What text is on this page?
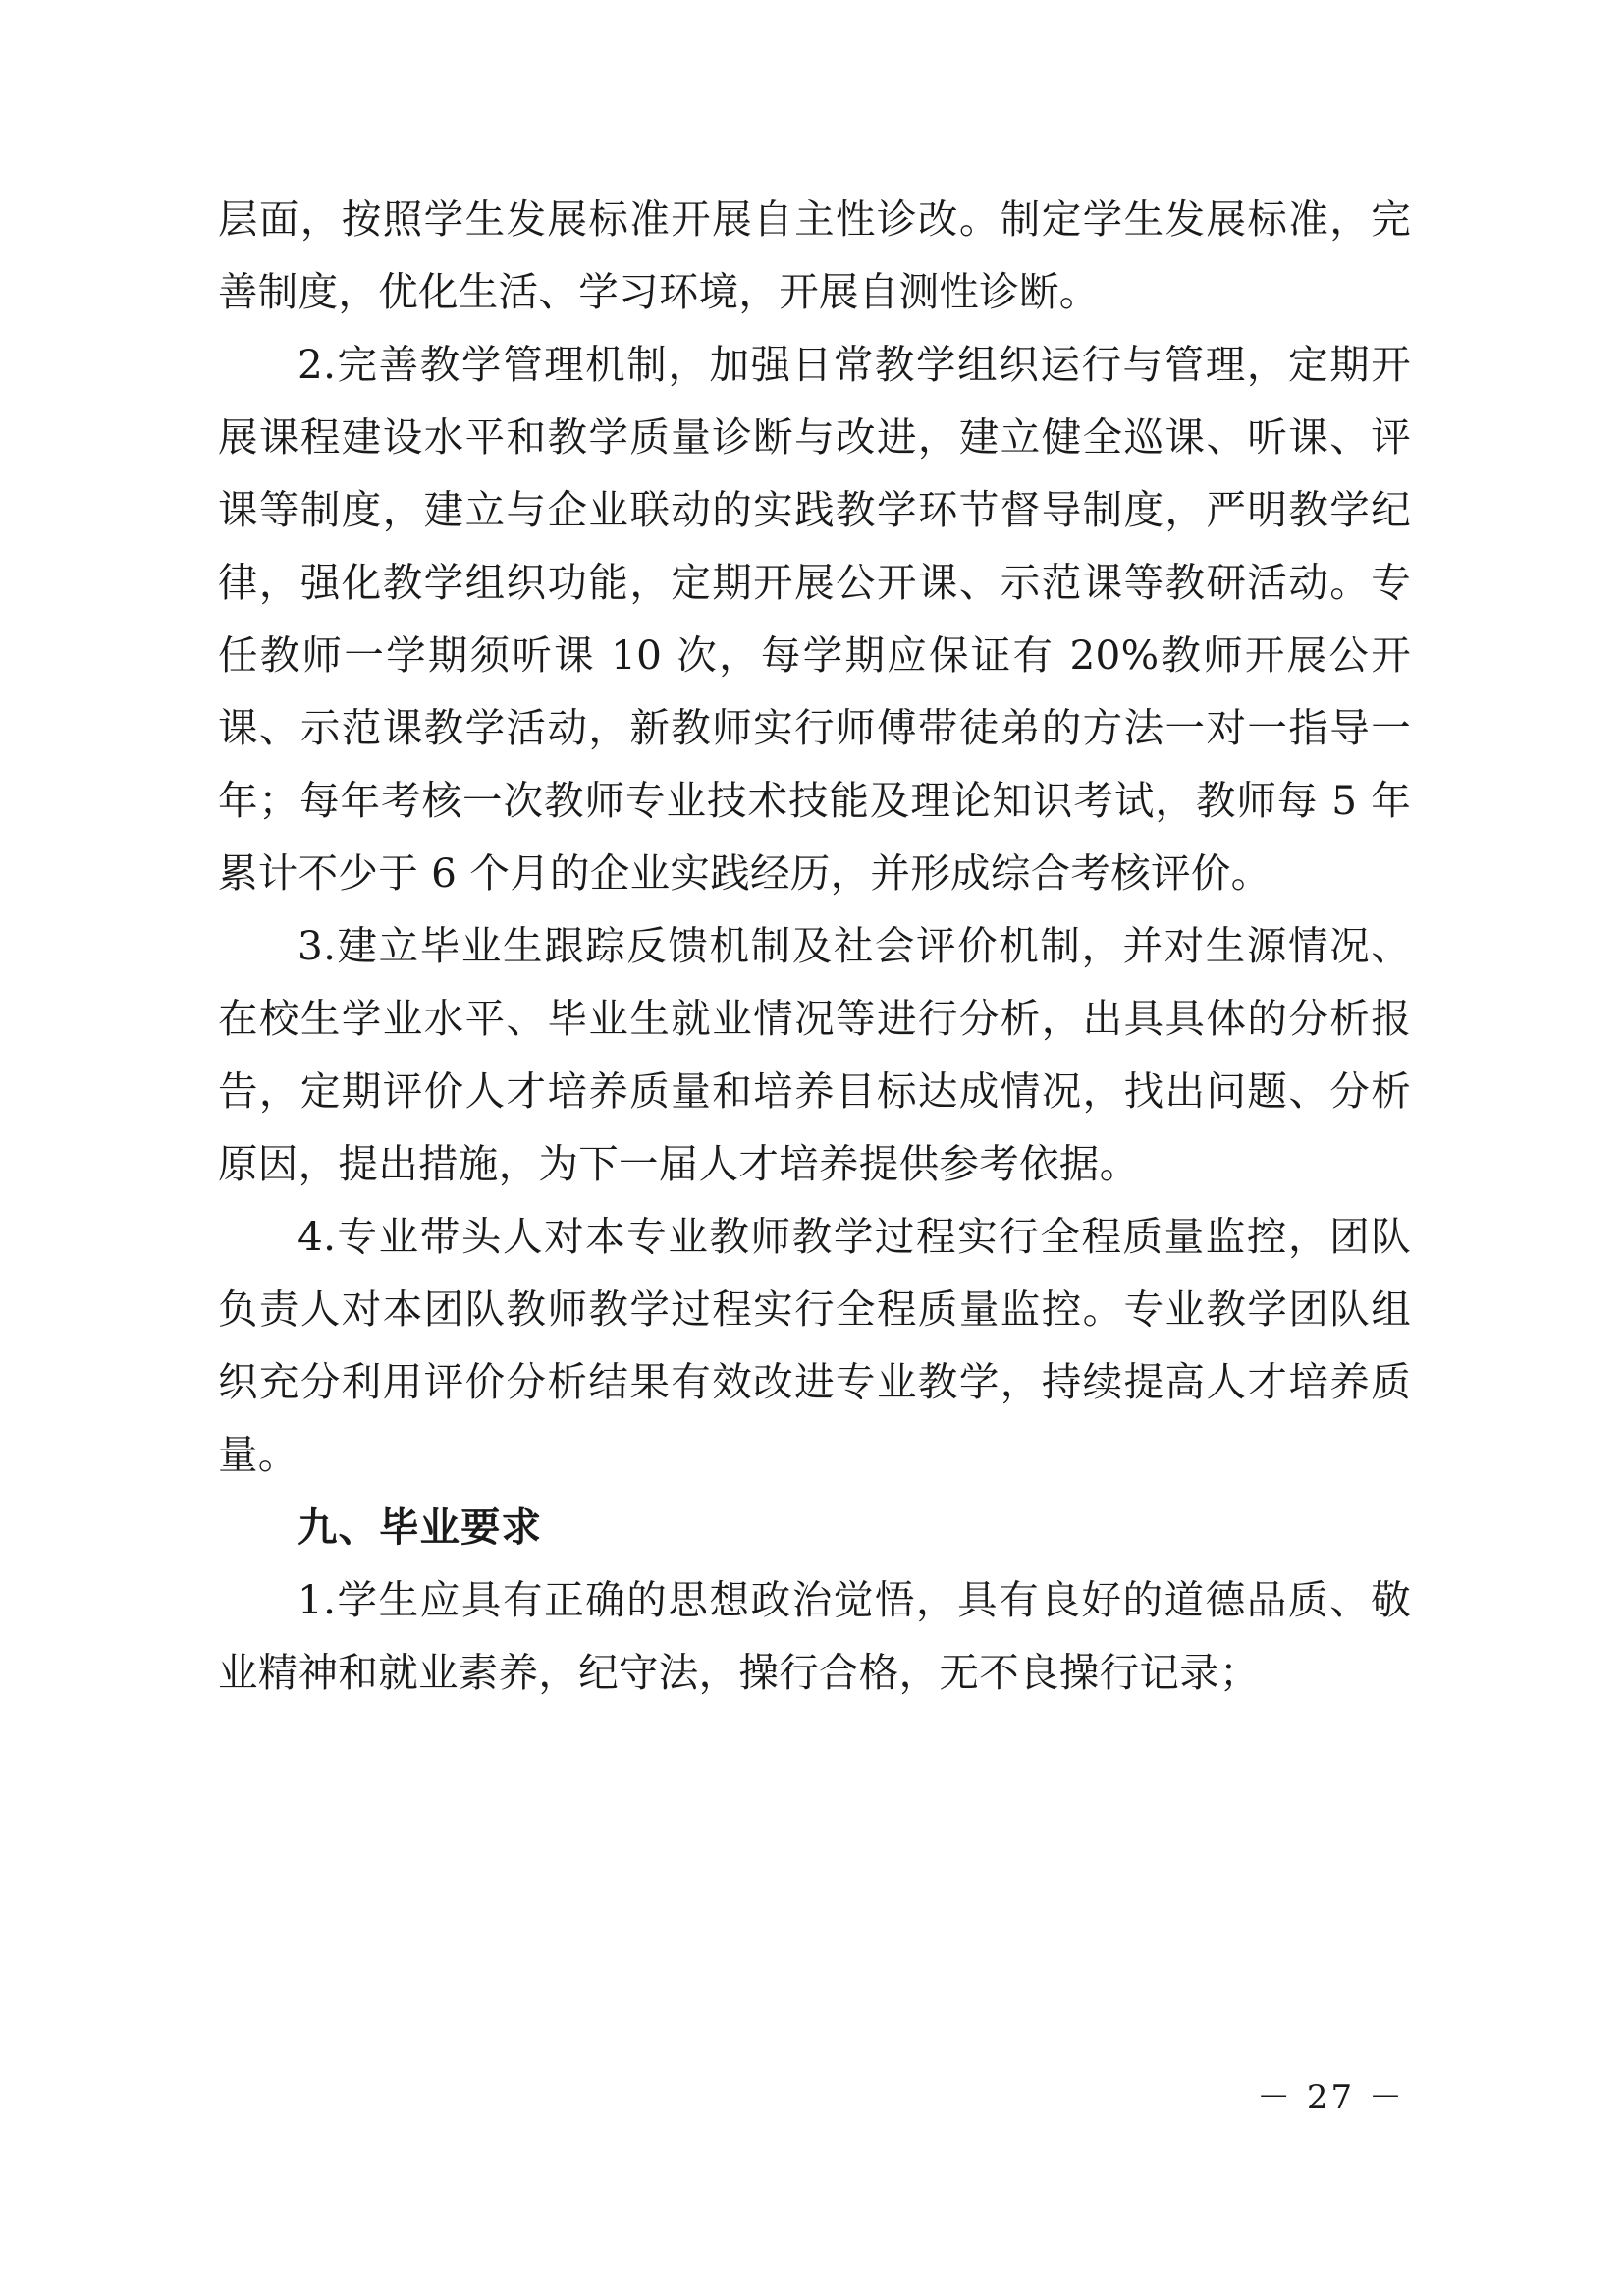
层面，按照学生发展标准开展自主性诊改。制定学生发展标准，完善制度，优化生活、学习环境，开展自测性诊断。

2.完善教学管理机制，加强日常教学组织运行与管理，定期开展课程建设水平和教学质量诊断与改进，建立健全巡课、听课、评课等制度，建立与企业联动的实践教学环节督导制度，严明教学纪律，强化教学组织功能，定期开展公开课、示范课等教研活动。专任教师一学期须听课 10 次，每学期应保证有 20%教师开展公开课、示范课教学活动，新教师实行师傅带徒弟的方法一对一指导一年；每年考核一次教师专业技术技能及理论知识考试，教师每 5 年累计不少于 6 个月的企业实践经历，并形成综合考核评价。

3.建立毕业生跟踪反馈机制及社会评价机制，并对生源情况、在校生学业水平、毕业生就业情况等进行分析，出具具体的分析报告，定期评价人才培养质量和培养目标达成情况，找出问题、分析原因，提出措施，为下一届人才培养提供参考依据。

4.专业带头人对本专业教师教学过程实行全程质量监控，团队负责人对本团队教师教学过程实行全程质量监控。专业教学团队组织充分利用评价分析结果有效改进专业教学，持续提高人才培养质量。

九、毕业要求

1.学生应具有正确的思想政治觉悟，具有良好的道德品质、敬业精神和就业素养，纪守法，操行合格，无不良操行记录；

－ 27 －
